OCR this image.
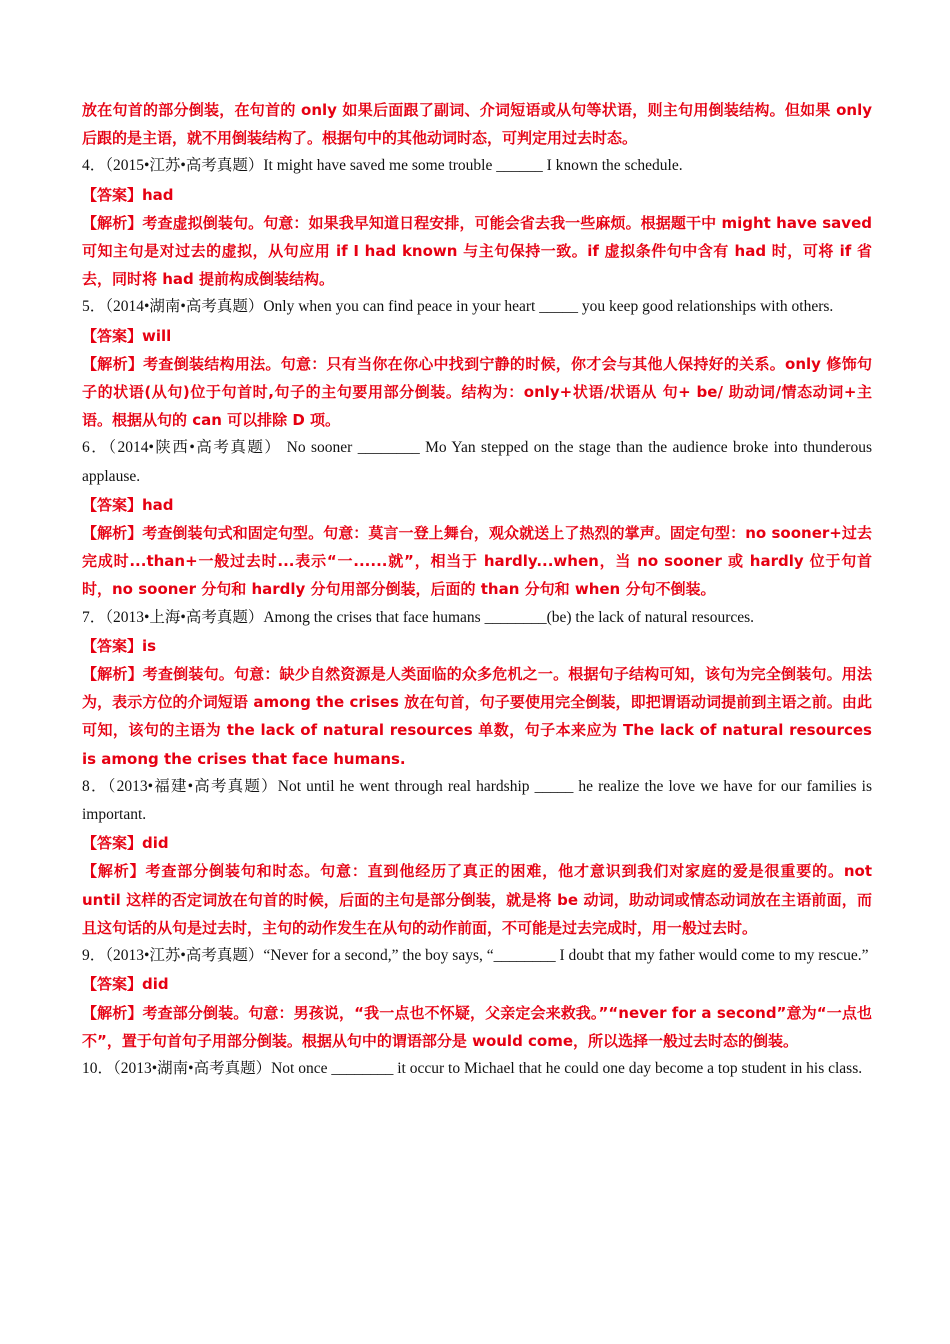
放在句首的部分倒装，在句首的 only 如果后面跟了副词、介词短语或从句等状语，则主句用倒装结构。但如果 only 后跟的是主语，就不用倒装结构了。根据句中的其他动词时态，可判定用过去时态。

4．（2015•江苏•高考真题）It might have saved me some trouble ______ I known the schedule.

【答案】had

【解析】考查虚拟倒装句。句意：如果我早知道日程安排，可能会省去我一些麻烦。根据题干中 might have saved 可知主句是对过去的虚拟，从句应用 if I had known 与主句保持一致。if 虚拟条件句中含有 had 时，可将 if 省去，同时将 had 提前构成倒装结构。

5．（2014•湖南•高考真题）Only when you can find peace in your heart _____ you keep good relationships with others.

【答案】will

【解析】考查倒装结构用法。句意：只有当你在你心中找到宁静的时候，你才会与其他人保持好的关系。only 修饰句子的状语(从句)位于句首时,句子的主句要用部分倒装。结构为：only+状语/状语从 句+ be/ 助动词/情态动词+主语。根据从句的 can 可以排除 D 项。

6．（2014•陕西•高考真题） No sooner ________ Mo Yan stepped on the stage than the audience broke into thunderous applause.

【答案】had

【解析】考查倒装句式和固定句型。句意：莫言一登上舞台，观众就送上了热烈的掌声。固定句型：no sooner+过去完成时...than+一般过去时...表示“一......就”，相当于 hardly...when，当 no sooner 或 hardly 位于句首时，no sooner 分句和 hardly 分句用部分倒装，后面的 than 分句和 when 分句不倒装。

7．（2013•上海•高考真题）Among the crises that face humans ________(be) the lack of natural resources.

【答案】is

【解析】考查倒装句。句意：缺少自然资源是人类面临的众多危机之一。根据句子结构可知，该句为完全倒装句。用法为，表示方位的介词短语 among the crises 放在句首，句子要使用完全倒装，即把谓语动词提前到主语之前。由此可知，该句的主语为 the lack of natural resources 单数，句子本来应为 The lack of natural resources is among the crises that face humans.

8．（2013•福建•高考真题）Not until he went through real hardship _____ he realize the love we have for our families is important.

【答案】did

【解析】考查部分倒装句和时态。句意：直到他经历了真正的困难，他才意识到我们对家庭的爱是很重要的。not until 这样的否定词放在句首的时候，后面的主句是部分倒装，就是将 be 动词，助动词或情态动词放在主语前面，而且这句话的从句是过去时，主句的动作发生在从句的动作前面，不可能是过去完成时，用一般过去时。

9．（2013•江苏•高考真题）“Never for a second,” the boy says, “________ I doubt that my father would come to my rescue.”

【答案】did

【解析】考查部分倒装。句意：男孩说，“我一点也不怀疑，父亲定会来救我。”“never for a second”意为“一点也不”，置于句首句子用部分倒装。根据从句中的谓语部分是 would come，所以选择一般过去时态的倒装。

10．（2013•湖南•高考真题）Not once ________ it occur to Michael that he could one day become a top student in his class.
